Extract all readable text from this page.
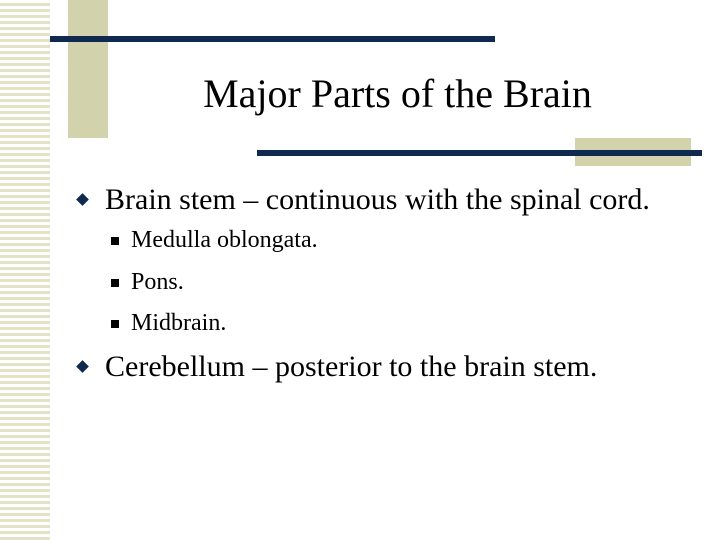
Major Parts of the Brain
Brain stem – continuous with the spinal cord.
Medulla oblongata.
Pons.
Midbrain.
Cerebellum – posterior to the brain stem.
